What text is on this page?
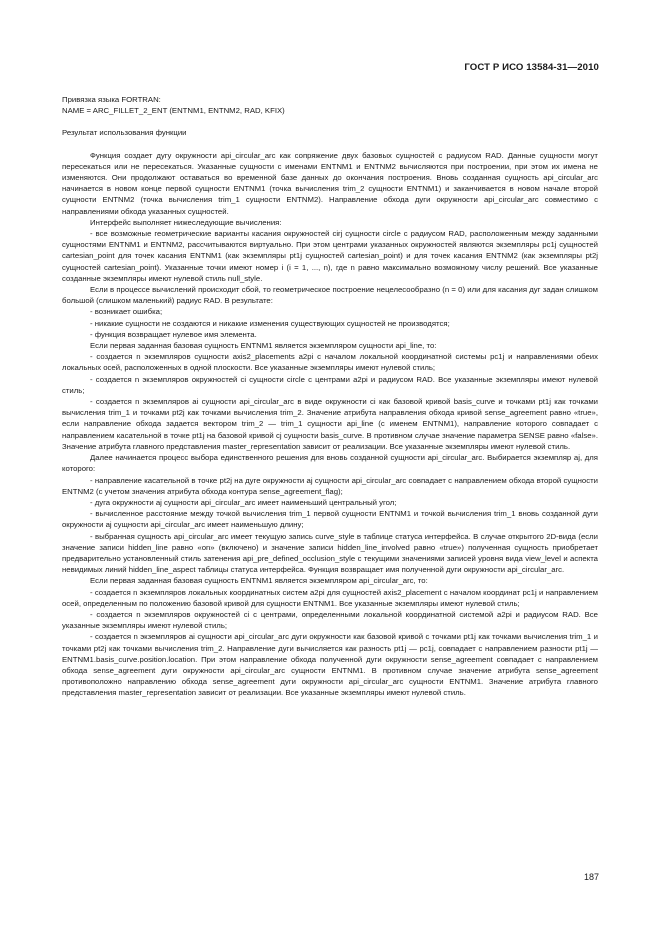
ГОСТ Р ИСО 13584-31—2010

Привязка языка FORTRAN:

NAME = ARC_FILLET_2_ENT (ENTNM1, ENTNM2, RAD, KFIX)

Результат использования функции

Функция создает дугу окружности api_circular_arc как сопряжение двух базовых сущностей с радиусом RAD. Данные сущности могут пересекаться или не пересекаться. Указанные сущности с именами ENTNM1 и ENTNM2 вычисляются при построении, при этом их имена не изменяются. Они продолжают оставаться во временной базе данных до окончания построения. Вновь созданная сущность api_circular_arc начинается в новом конце первой сущности ENTNM1 (точка вычисления trim_2 сущности ENTNM1) и заканчивается в новом начале второй сущности ENTNM2 (точка вычисления trim_1 сущности ENTNM2). Направление обхода дуги окружности api_circular_arc совместимо с направлениями обхода указанных сущностей.

Интерфейс выполняет нижеследующие вычисления:

- все возможные геометрические варианты касания окружностей cirj сущности circle с радиусом RAD, расположенным между заданными сущностями ENTNM1 и ENTNM2, рассчитываются виртуально. При этом центрами указанных окружностей являются экземпляры pc1j сущностей cartesian_point для точек касания ENTNM1 (как экземпляры pt1j сущностей cartesian_point) и для точек касания ENTNM2 (как экземпляры pt2j сущностей cartesian_point). Указанные точки имеют номер i (i = 1, ..., n), где n равно максимально возможному числу решений. Все указанные созданные экземпляры имеют нулевой стиль null_style.

Если в процессе вычислений происходит сбой, то геометрическое построение нецелесообразно (n = 0) или для касания дуг задан слишком большой (слишком маленький) радиус RAD. В результате:

- возникает ошибка;

- никакие сущности не создаются и никакие изменения существующих сущностей не производятся;

- функция возвращает нулевое имя элемента.

Если первая заданная базовая сущность ENTNM1 является экземпляром сущности api_line, то:

- создается n экземпляров сущности axis2_placements a2pi с началом локальной координатной системы pc1j и направлениями обеих локальных осей, расположенных в одной плоскости. Все указанные экземпляры имеют нулевой стиль;

- создается n экземпляров окружностей ci сущности circle с центрами a2pi и радиусом RAD. Все указанные экземпляры имеют нулевой стиль;

- создается n экземпляров ai сущности api_circular_arc в виде окружности ci как базовой кривой basis_curve и точками pt1j как точками вычисления trim_1 и точками pt2j как точками вычисления trim_2. Значение атрибута направления обхода кривой sense_agreement равно «true», если направление обхода задается вектором trim_2 — trim_1 сущности api_line (с именем ENTNM1), направление которого совпадает с направлением касательной в точке pt1j на базовой кривой cj сущности basis_curve. В противном случае значение параметра SENSE равно «false». Значение атрибута главного представления master_representation зависит от реализации. Все указанные экземпляры имеют нулевой стиль.

Далее начинается процесс выбора единственного решения для вновь созданной сущности api_circular_arc. Выбирается экземпляр aj, для которого:

- направление касательной в точке pt2j на дуге окружности aj сущности api_circular_arc совпадает с направлением обхода второй сущности ENTNM2 (с учетом значения атрибута обхода контура sense_agreement_flag);

- дуга окружности aj сущности api_circular_arc имеет наименьший центральный угол;

- вычисленное расстояние между точкой вычисления trim_1 первой сущности ENTNM1 и точкой вычисления trim_1 вновь созданной дуги окружности aj сущности api_circular_arc имеет наименьшую длину;

- выбранная сущность api_circular_arc имеет текущую запись curve_style в таблице статуса интерфейса. В случае открытого 2D-вида (если значение записи hidden_line равно «on» (включено) и значение записи hidden_line_involved равно «true») полученная сущность приобретает предварительно установленный стиль затенения api_pre_defined_occlusion_style с текущими значениями записей уровня вида view_level и аспекта невидимых линий hidden_line_aspect таблицы статуса интерфейса. Функция возвращает имя полученной дуги окружности api_circular_arc.

Если первая заданная базовая сущность ENTNM1 является экземпляром api_circular_arc, то:

- создается n экземпляров локальных координатных систем a2pi для сущностей axis2_placement с началом координат pc1j и направлением осей, определенным по положению базовой кривой для сущности ENTNM1. Все указанные экземпляры имеют нулевой стиль;

- создается n экземпляров окружностей ci с центрами, определенными локальной координатной системой a2pi и радиусом RAD. Все указанные экземпляры имеют нулевой стиль;

- создается n экземпляров ai сущности api_circular_arc дуги окружности как базовой кривой с точками pt1j как точками вычисления trim_1 и точками pt2j как точками вычисления trim_2. Направление дуги вычисляется как разность pt1j — pc1j, совпадает с направлением разности pt1j — ENTNM1.basis_curve.position.location. При этом направление обхода полученной дуги окружности sense_agreement совпадает с направлением обхода sense_agreement дуги окружности api_circular_arc сущности ENTNM1. В противном случае значение атрибута sense_agreement противоположно направлению обхода sense_agreement дуги окружности api_circular_arc сущности ENTNM1. Значение атрибута главного представления master_representation зависит от реализации. Все указанные экземпляры имеют нулевой стиль.

187
